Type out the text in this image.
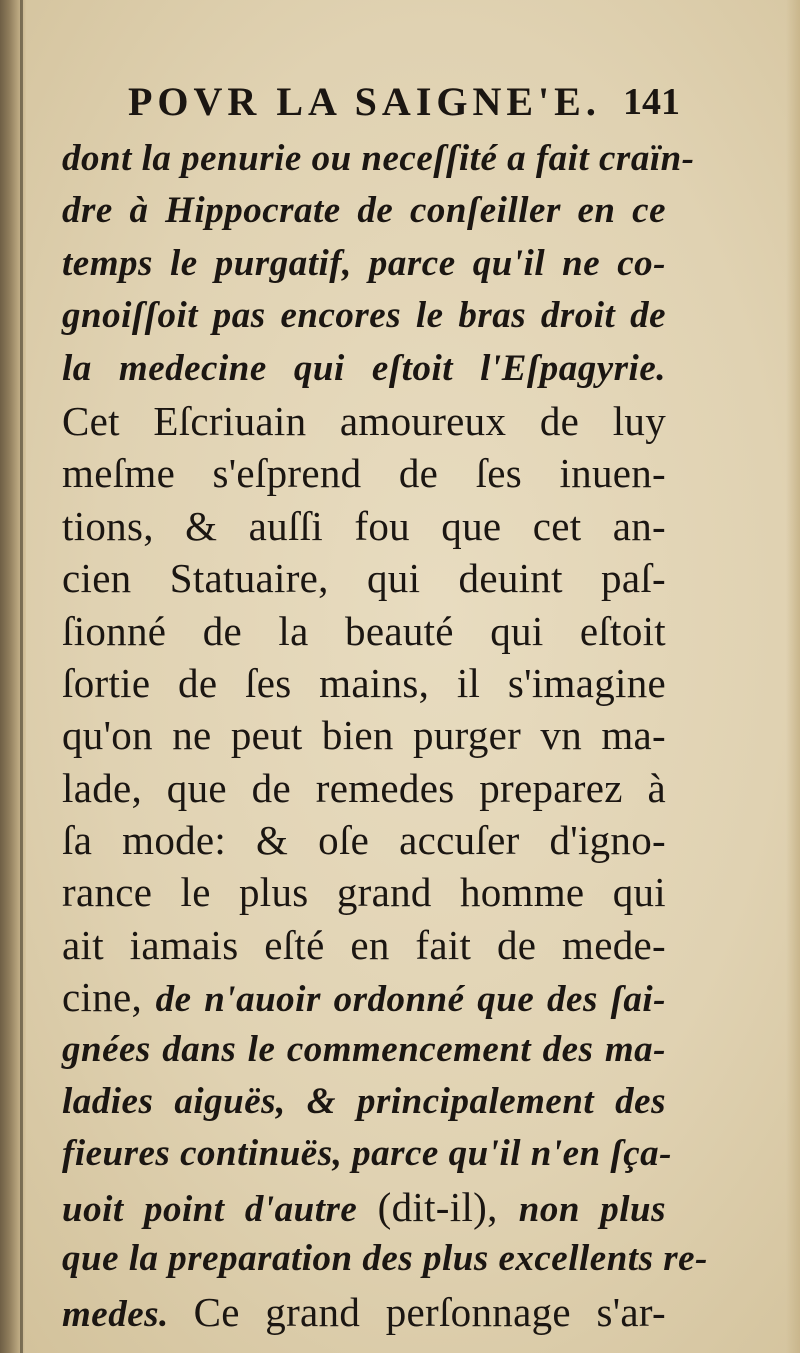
POVR LA SAIGNE'E. 141
dont la penurie ou neceſſité a fait craïn-
dre à Hippocrate de conſeiller en ce
temps le purgatif, parce qu'il ne co-
gnoiſſoit pas encores le bras droit de
la medecine qui eſtoit l'Eſpagyrie.
Cet Eſcriuain amoureux de luy
meſme s'eſprend de ſes inuen-
tions, & auſſi fou que cet an-
cien Statuaire, qui deuint paſ-
ſionné de la beauté qui eſtoit
ſortie de ſes mains, il s'imagine
qu'on ne peut bien purger vn ma-
lade, que de remedes preparez à
ſa mode: & oſe accuſer d'igno-
rance le plus grand homme qui
ait iamais eſté en fait de mede-
cine, de n'auoir ordonné que des ſai-
gnées dans le commencement des ma-
ladies aiguës, & principalement des
fieures continuës, parce qu'il n'en ſça-
uoit point d'autre (dit-il), non plus
que la preparation des plus excellents re-
medes. Ce grand perſonnage s'ar-
